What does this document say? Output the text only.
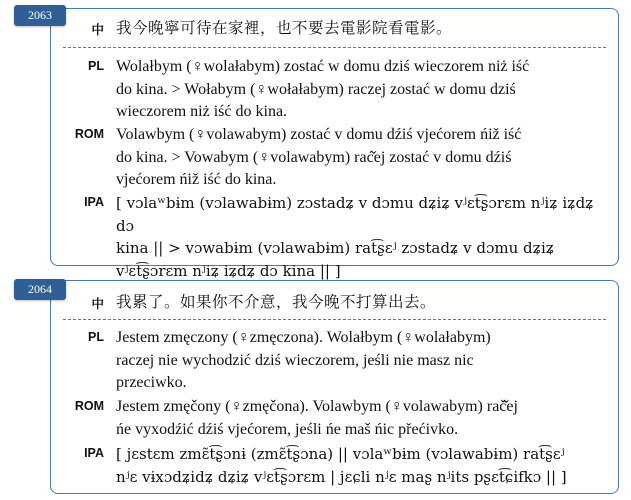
中 我今晚寧可待在家裡，也不要去電影院看電影。
PL Wolałbym (♀wolałabym) zostać w domu dziś wieczorem niż iść
do kina. > Wołabym (♀wołałabym) raczej zostać w domu dziś
wieczorem niż iść do kina.
ROM Volawbym (♀volawabym) zostać v domu dźiś vjećorem ńiž iść
do kina. > Vowabym (♀volawabym) rać̌ej zostać v domu dźiś
vjećorem ńiž iść do kina.
IPA [ vɔlaʷbɨm (vɔlawabɨm) zɔstadʑ v dɔmu dʑiʑ vʲɛt͡ʂɔrɛm nʲiʑ iʑdʑ dɔ
kina || > vɔwabɨm (vɔlawabɨm) rat͡ʂɛʲ zɔstadʑ v dɔmu dʑiʑ
vʲɛt͡ʂɔrɛm nʲiʑ iʑdʑ dɔ kina || ]
2063
中 我累了。如果你不介意，我今晚不打算出去。
PL Jestem zmęczony (♀zmęczona). Wolałbym (♀wolałabym)
raczej nie wychodzić dziś wieczorem, jeśli nie masz nic
przeciwko.
ROM Jestem zmęčony (♀zmęčona). Volawbym (♀volawabym) rač̌ej
ńe vyxodźić dźiś vjećorem, jeśli ńe maš ńic přećivko.
IPA [ jɛstɛm zmɛ̃t͡ʂɔnɨ (zmɛ̃t͡ʂɔna) || vɔlaʷbɨm (vɔlawabɨm) rat͡ʂɛʲ
nʲɛ vɨxɔdʑidʑ dʑiʑ vʲɛt͡ʂɔrɛm | jɛɕli nʲɛ maʂ nʲits pʂɛt͡ɕifkɔ || ]
2064
